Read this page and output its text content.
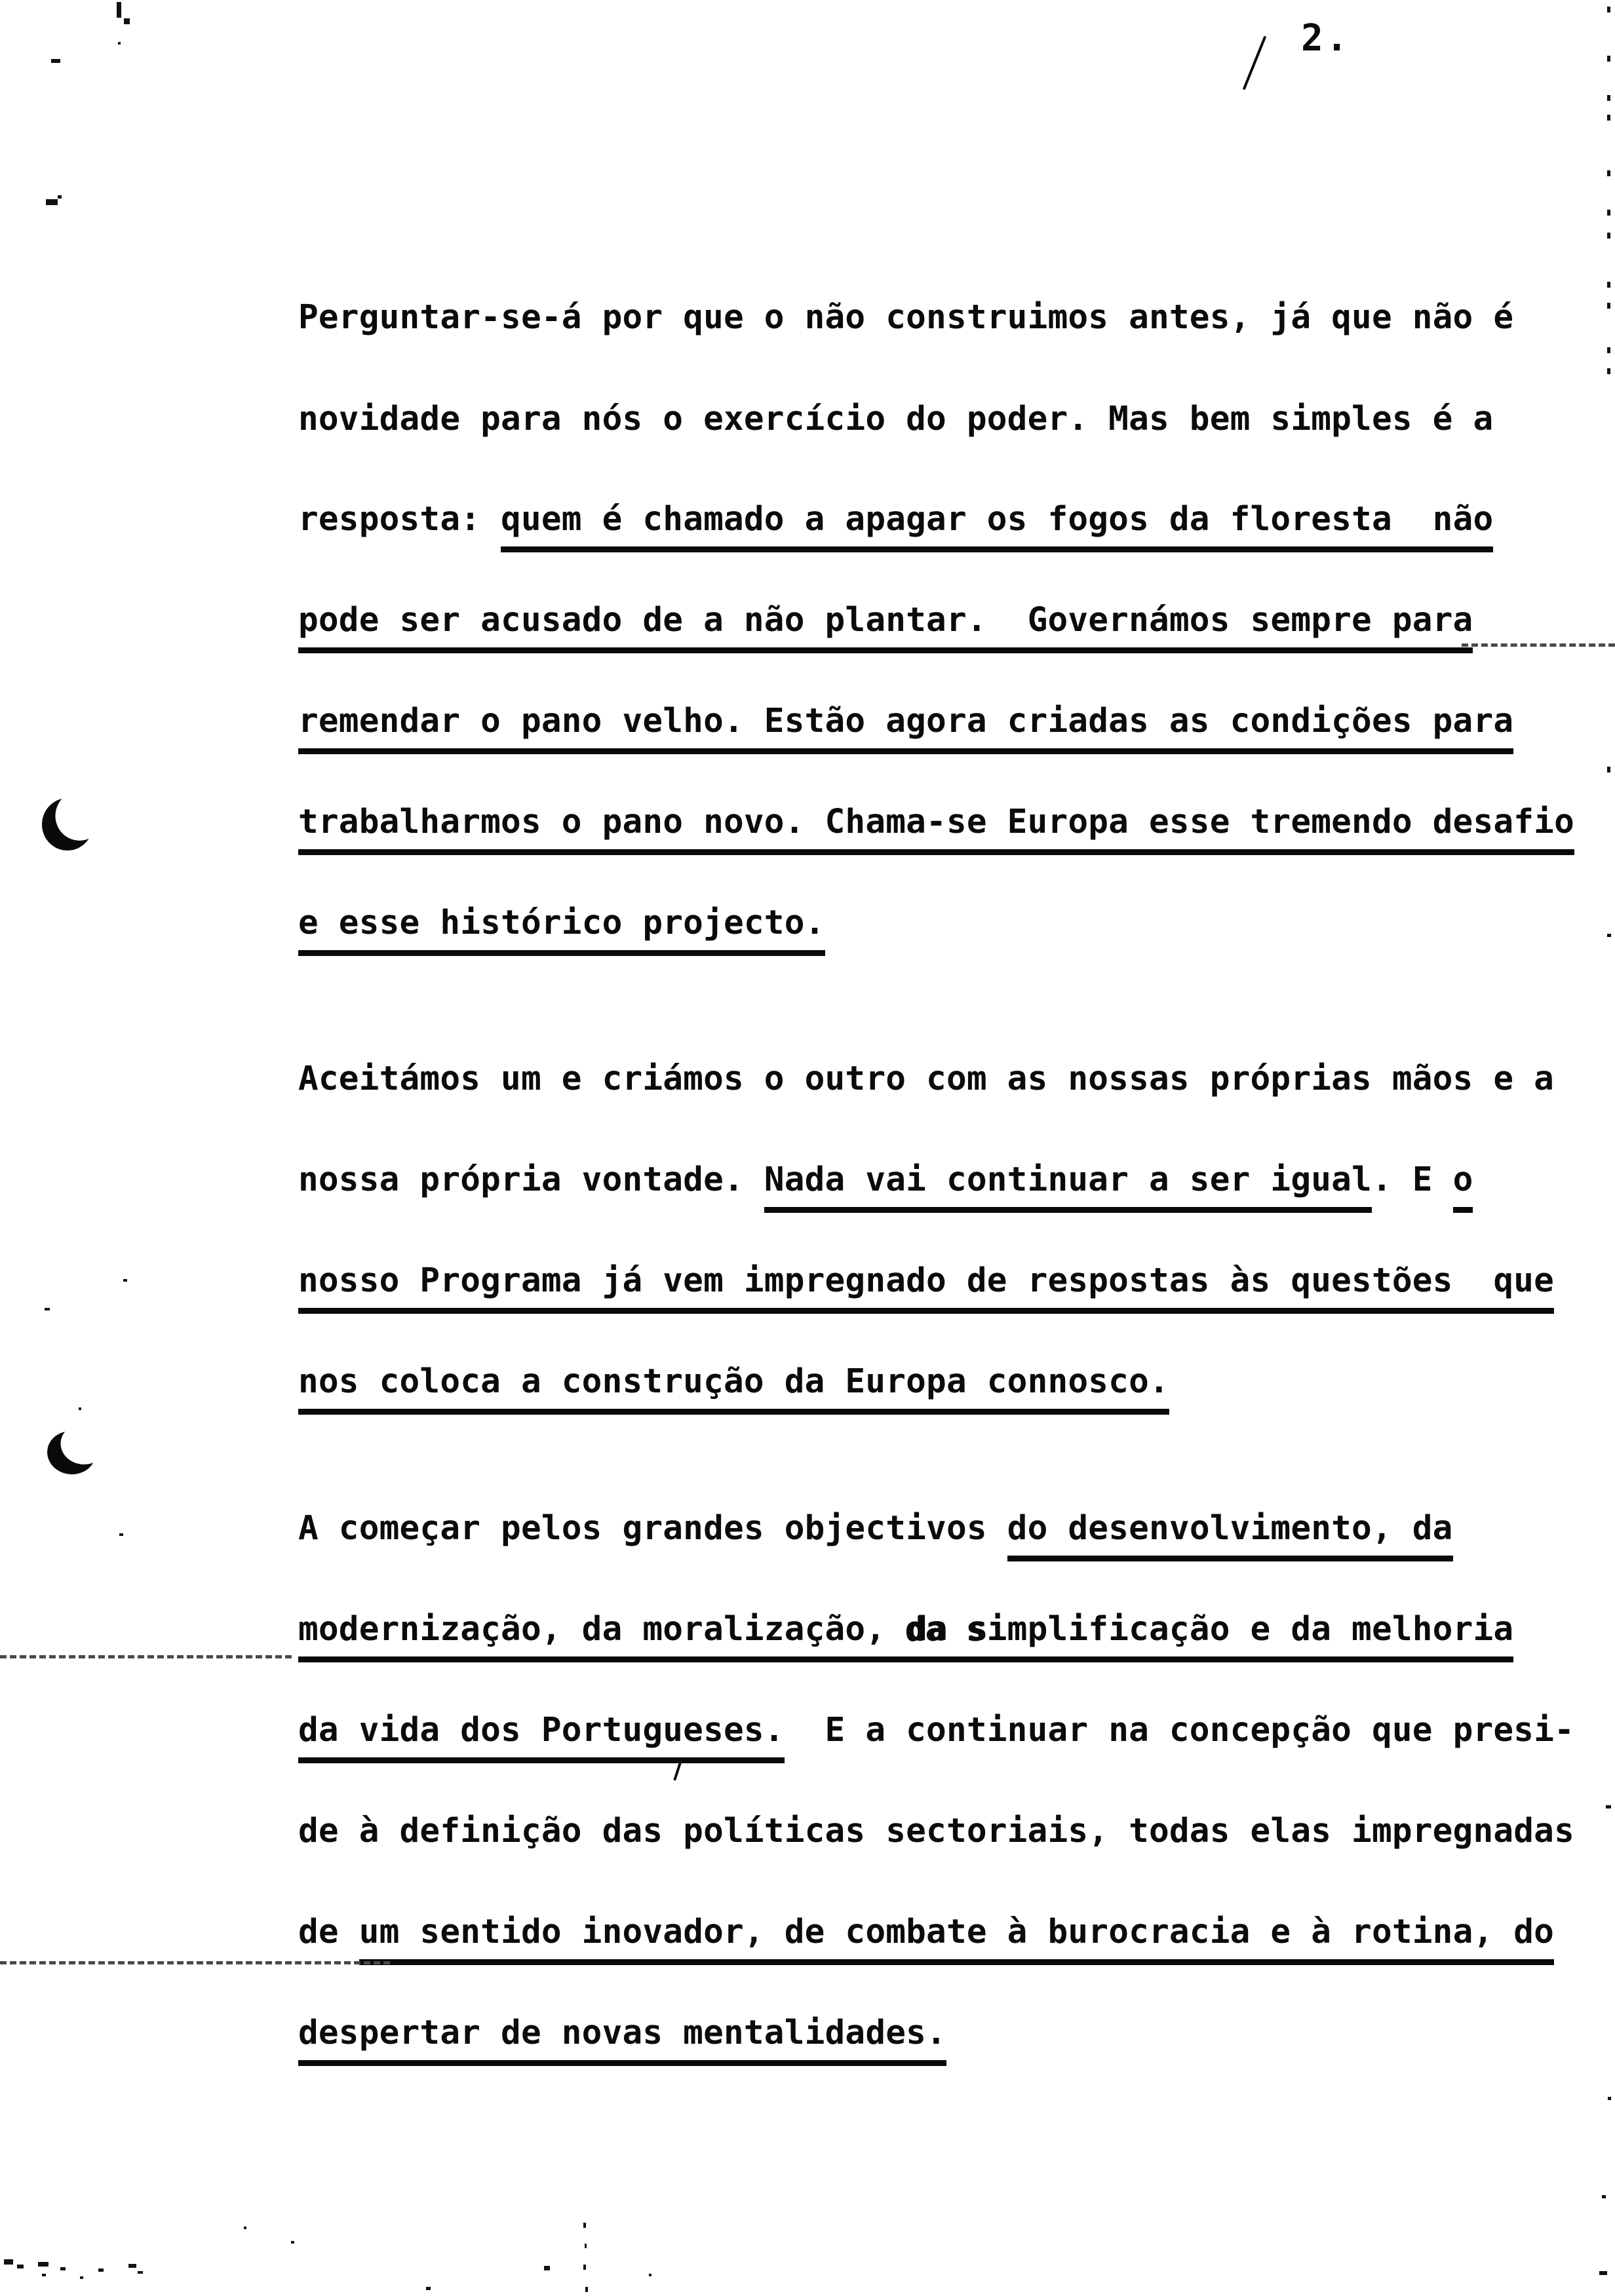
2.
Perguntar-se-á por que o não construimos antes, já que não é
novidade para nós o exercício do poder. Mas bem simples é a
resposta: quem é chamado a apagar os fogos da floresta  não
pode ser acusado de a não plantar.  Governámos sempre para
remendar o pano velho. Estão agora criadas as condições para
trabalharmos o pano novo. Chama-se Europa esse tremendo desafio
e esse histórico projecto.
Aceitámos um e criámos o outro com as nossas próprias mãos e a
nossa própria vontade. Nada vai continuar a ser igual. E o
nosso Programa já vem impregnado de respostas às questões  que
nos coloca a construção da Europa connosco.
A começar pelos grandes objectivos do desenvolvimento, da
modernização, da moralização, da simplificação e da melhoria
da vida dos Portugueses.  E a continuar na concepção que presi-
de à definição das políticas sectoriais, todas elas impregnadas
de um sentido inovador, de combate à burocracia e à rotina, do
despertar de novas mentalidades.
